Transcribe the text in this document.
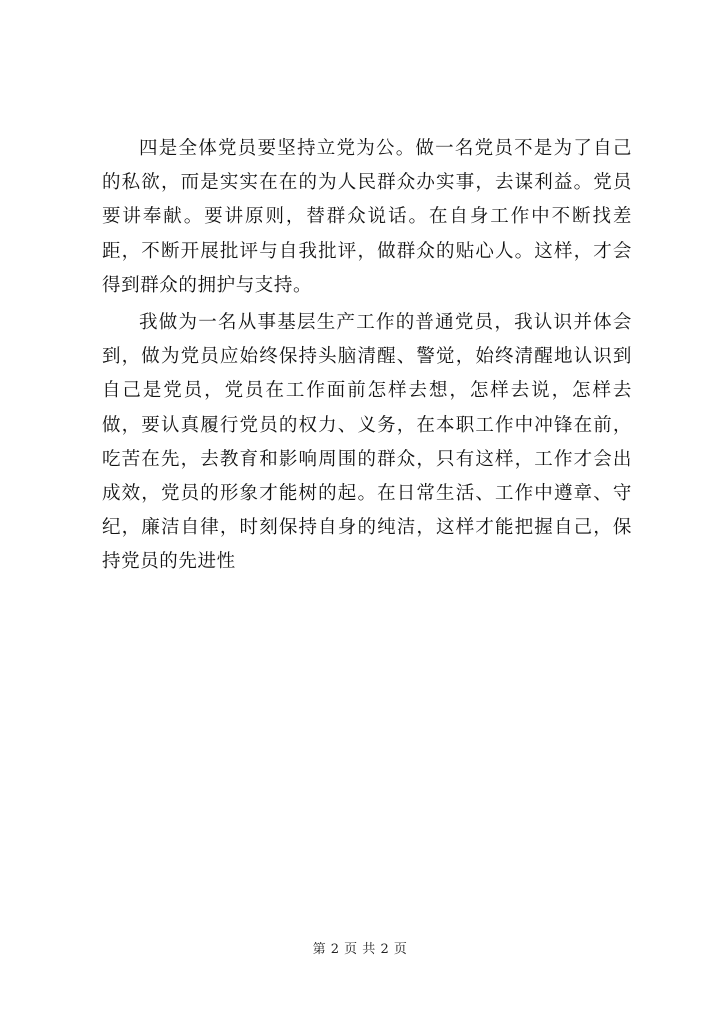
四是全体党员要坚持立党为公。做一名党员不是为了自己的私欲，而是实实在在的为人民群众办实事，去谋利益。党员要讲奉献。要讲原则，替群众说话。在自身工作中不断找差距，不断开展批评与自我批评，做群众的贴心人。这样，才会得到群众的拥护与支持。

我做为一名从事基层生产工作的普通党员，我认识并体会到，做为党员应始终保持头脑清醒、警觉，始终清醒地认识到自己是党员，党员在工作面前怎样去想，怎样去说，怎样去做，要认真履行党员的权力、义务，在本职工作中冲锋在前，吃苦在先，去教育和影响周围的群众，只有这样，工作才会出成效，党员的形象才能树的起。在日常生活、工作中遵章、守纪，廉洁自律，时刻保持自身的纯洁，这样才能把握自己，保持党员的先进性

第 2 页 共 2 页
